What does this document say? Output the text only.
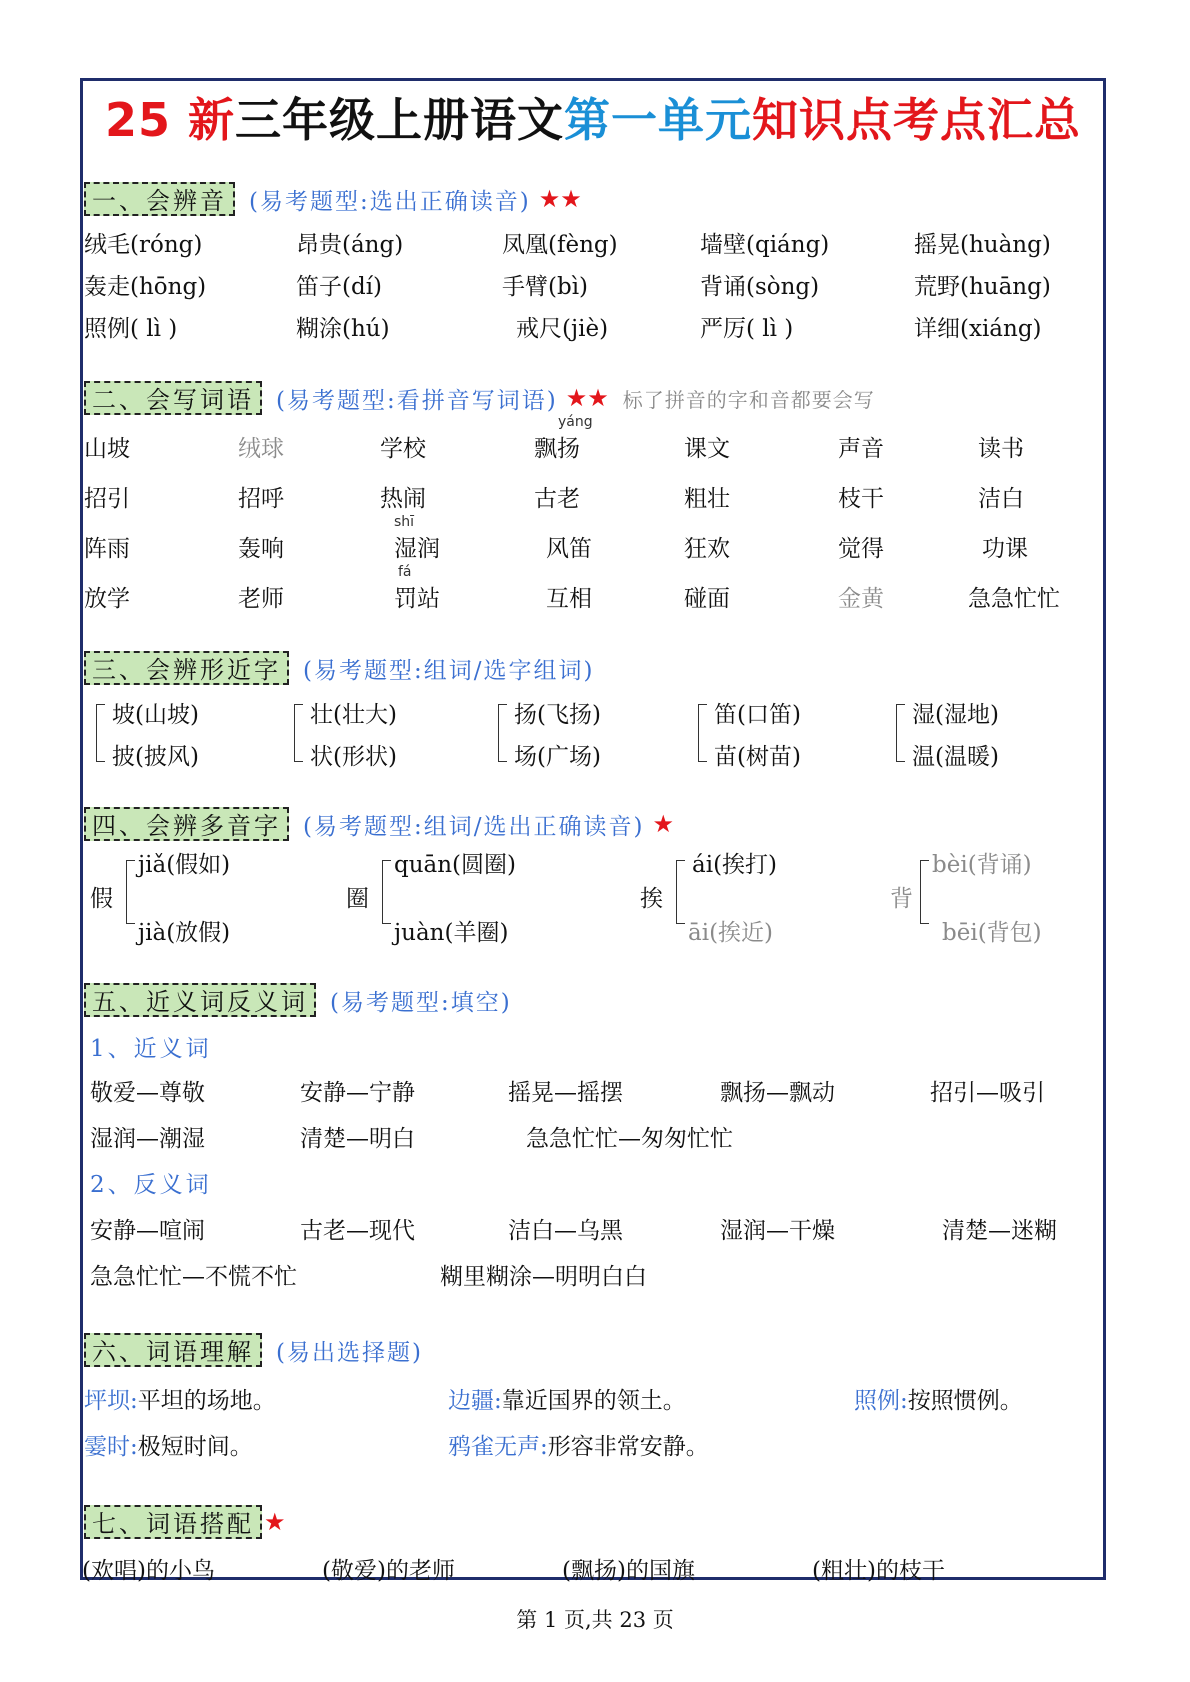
25 新三年级上册语文第一单元知识点考点汇总
一、会辨音 (易考题型:选出正确读音) ★★
绒毛(róng)	昂贵(áng)	凤凰(fèng)	墙壁(qiáng)	摇晃(huàng)
轰走(hōng)	笛子(dí)	手臂(bì)	背诵(sòng)	荒野(huāng)
照例( lì )	糊涂(hú)	戒尺(jiè)	严厉( lì )	详细(xiáng)
二、会写词语 (易考题型:看拼音写词语) ★★ 标了拼音的字和音都要会写
yáng
shī
fá
山坡	绒球	学校	飘扬	课文	声音	读书
招引	招呼	热闹	古老	粗壮	枝干	洁白
阵雨	轰响	湿润	风笛	狂欢	觉得	功课
放学	老师	罚站	互相	碰面	金黄	急急忙忙
三、会辨形近字 (易考题型:组词/选字组词)
坡(山坡)
披(披风)
壮(壮大)
状(形状)
扬(飞扬)
场(广场)
笛(口笛)
苗(树苗)
湿(湿地)
温(温暖)
四、会辨多音字 (易考题型:组词/选出正确读音) ★
假
jiǎ(假如)
jià(放假)
圈
quān(圆圈)
juàn(羊圈)
挨
ái(挨打)
āi(挨近)
背
bèi(背诵)
bēi(背包)
五、近义词反义词 (易考题型:填空)
1、近义词
敬爱—尊敬	安静—宁静	摇晃—摇摆	飘扬—飘动	招引—吸引
湿润—潮湿	清楚—明白	急急忙忙—匆匆忙忙
2、反义词
安静—喧闹	古老—现代	洁白—乌黑	湿润—干燥	清楚—迷糊
急急忙忙—不慌不忙	糊里糊涂—明明白白
六、词语理解 (易出选择题)
坪坝:平坦的场地。	边疆:靠近国界的领土。	照例:按照惯例。
霎时:极短时间。	鸦雀无声:形容非常安静。
七、词语搭配 ★
(欢唱)的小鸟	(敬爱)的老师	(飘扬)的国旗	(粗壮)的枝干
第 1 页,共 23 页
